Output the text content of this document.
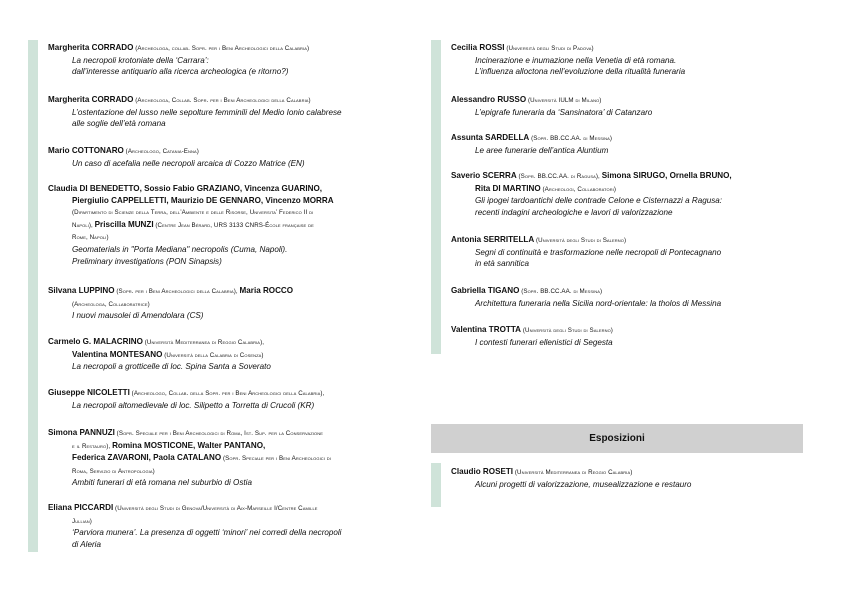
Margherita CORRADO (Archeologa, collab. Sopr. per i Beni Archeologici della Calabria)
La necropoli krotoniate della ‘Carrara’:
dall’interesse antiquario alla ricerca archeologica (e ritorno?)
Margherita CORRADO (Archeologa, Collab. Sopr. per i Beni Archeologici della Calabria)
L’ostentazione del lusso nelle sepolture femminili del Medio Ionio calabrese
alle soglie dell’età romana
Mario COTTONARO (Archeologo, Catania-Enna)
Un caso di acefalia nelle necropoli arcaica di Cozzo Matrice (EN)
Claudia DI BENEDETTO, Sossio Fabio GRAZIANO, Vincenza GUARINO,
Piergiulio CAPPELLETTI, Maurizio DE GENNARO, Vincenzo MORRA
(Dipartimento di Scienze della Terra, dell’Ambiente e delle Risorse, Universita’ Federico II di
Napoli), Priscilla MUNZI (Centre Jean Bérard, URS 3133 CNRS-École française de
Rome, Napoli)
Geomaterials in "Porta Mediana" necropolis (Cuma, Napoli).
Preliminary investigations (PON Sinapsis)
Silvana LUPPINO (Sopr. per i Beni Archeologici della Calabria), Maria ROCCO
(Archeologa, Collaboratrice)
I nuovi mausolei di Amendolara (CS)
Carmelo G. MALACRINO (Università Mediterranea di Reggio Calabria),
Valentina MONTESANO (Università della Calabria di Cosenza)
La necropoli a grotticelle di loc. Spina Santa a Soverato
Giuseppe NICOLETTI (Archeologo, Collab. della Sopr. per i Beni Archeologici della Calabria),
La necropoli altomedievale di loc. Silipetto a Torretta di Crucoli (KR)
Simona PANNUZI (Sopr. Speciale per i Beni Archeologici di Roma, Ist. Sup. per la Conservazione
e il Restauro), Romina MOSTICONE, Walter PANTANO,
Federica ZAVARONI, Paola CATALANO (Sopr. Speciale per i Beni Archeologici di
Roma, Servizio di Antropologia)
Ambiti funerari di età romana nel suburbio di Ostia
Eliana PICCARDI (Università degli Studi di Genova/Università di Aix-Marseille I/Centre Camille
Jullian)
‘Parviora munera’. La presenza di oggetti ‘minori’ nei corredi della necropoli
di Aleria
Cecilia ROSSI (Università degli Studi di Padova)
Incinerazione e inumazione nella Venetia di età romana.
L’influenza alloctona nell’evoluzione della ritualità funeraria
Alessandro RUSSO (Università IULM di Milano)
L’epigrafe funeraria da ‘Sansinatora’ di Catanzaro
Assunta SARDELLA (Sopr. BB.CC.AA. di Messina)
Le aree funerarie dell’antica Aluntium
Saverio SCERRA (Sopr. BB.CC.AA. di Ragusa), Simona SIRUGO, Ornella BRUNO,
Rita DI MARTINO (Archeologi, Collaboratori)
Gli ipogei tardoantichi delle contrade Celone e Cisternazzi a Ragusa:
recenti indagini archeologiche e lavori di valorizzazione
Antonia SERRITELLA (Università degli Studi di Salerno)
Segni di continuità e trasformazione nelle necropoli di Pontecagnano
in età sannitica
Gabriella TIGANO (Sopr. BB.CC.AA. di Messina)
Architettura funeraria nella Sicilia nord-orientale: la tholos di Messina
Valentina TROTTA (Università degli Studi di Salerno)
I contesti funerari ellenistici di Segesta
Esposizioni
Claudio ROSETI (Università Mediterranea di Reggio Calabria)
Alcuni progetti di valorizzazione, musealizzazione e restauro
